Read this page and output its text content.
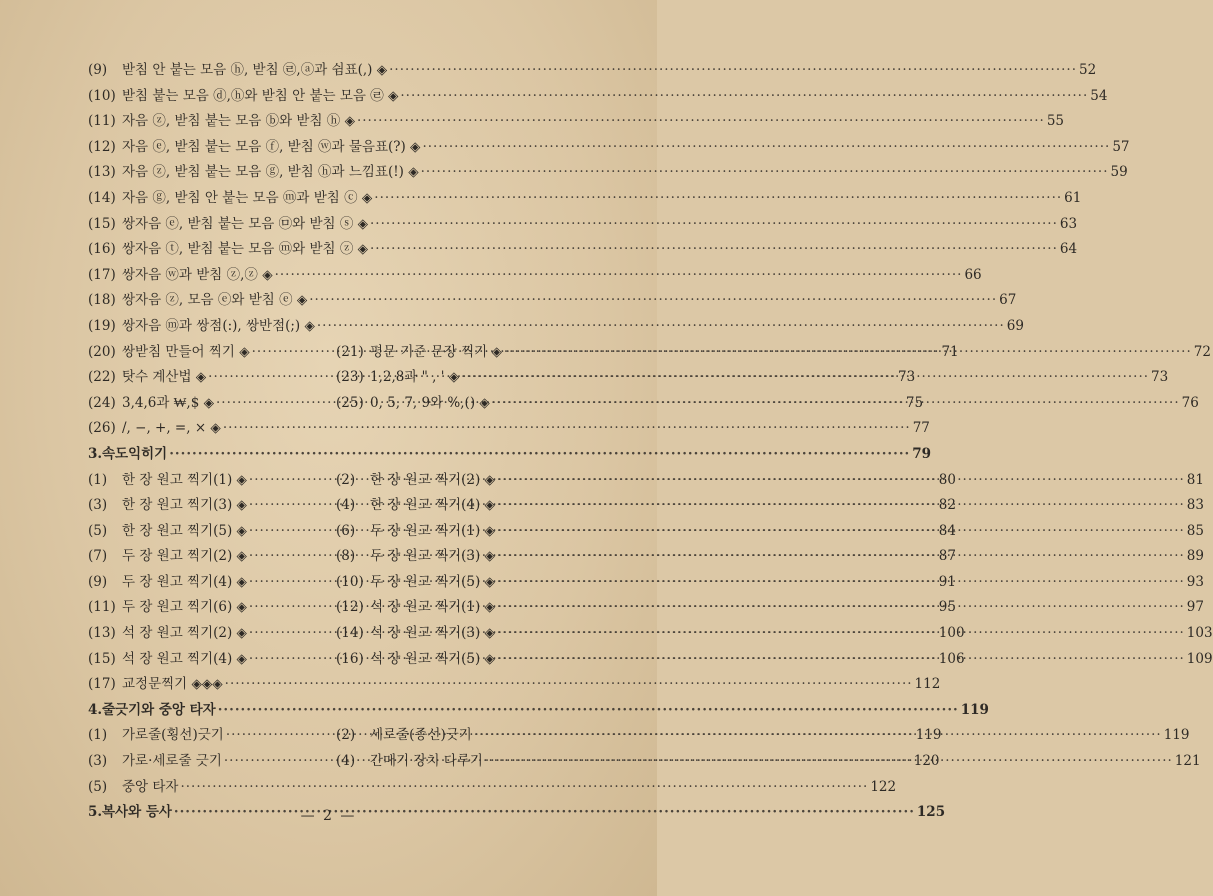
(9)	받침 안 붙는 모음 ⓗ, 받침 ㉣,ⓐ과 쉼표(,) ◈ ·····	52
(10) 받침 붙는 모음 ⓓ,ⓗ와 받침 안 붙는 모음 ㉣ ◈ ·····	54
(11) 자음 ⓩ, 받침 붙는 모음 ⓑ와 받침 ⓗ ◈ ·····	55
(12) 자음 ⓔ, 받침 붙는 모음 ⓕ, 받침 ⓦ과 물음표(?) ◈ ·····	57
(13) 자음 ⓩ, 받침 붙는 모음 ⓖ, 받침 ⓗ과 느낌표(!) ◈ ·····	59
(14) 자음 ⓖ, 받침 안 붙는 모음 ⓜ과 받침 ⓒ ◈ ·····	61
(15) 쌍자음 ⓔ, 받침 붙는 모음 ㉤와 받침 ⓢ ◈ ·····	63
(16) 쌍자음 ⓣ, 받침 붙는 모음 ⓜ와 받침 ⓩ ◈ ·····	64
(17) 쌍자음 ⓦ과 받침 ⓩ,ⓩ ◈ ·····	66
(18) 쌍자음 ⓩ, 모음 ⓔ와 받침 ⓔ ◈ ·····	67
(19) 쌍자음 ⓜ과 쌍점(:), 쌍반점(;) ◈ ·····	69
(20) 쌍받침 만들어 찍기 ◈ ·····	71
(21) 평문 기준 문장 찍기 ◈ ·····	72
(22) 탓수 계산법 ◈ ·····	73
(23) 1,2,8과 " , ' ◈ ·····	73
(24) 3,4,6과 ₩,$ ◈ ·····	75
(25) 0, 5, 7, 9와 %,() ◈ ·····	76
(26) /, −, +, =, × ◈ ·····	77
3. 속도익히기 ·····	79
(1)	한 장 원고 찍기(1) ◈ ·····	80
(2)	한 장 원고 찍기(2) ◈ ·····	81
(3)	한 장 원고 찍기(3) ◈ ·····	82
(4)	한 장 원고 찍기(4) ◈ ·····	83
(5)	한 장 원고 찍기(5) ◈ ·····	84
(6)	두 장 원고 찍기(1) ◈ ·····	85
(7)	두 장 원고 찍기(2) ◈ ·····	87
(8)	두 장 원고 찍기(3) ◈ ·····	89
(9)	두 장 원고 찍기(4) ◈ ·····	91
(10) 두 장 원고 찍기(5) ◈ ·····	93
(11) 두 장 원고 찍기(6) ◈ ·····	95
(12) 석 장 원고 찍기(1) ◈ ·····	97
(13) 석 장 원고 찍기(2) ◈ ·····	100
(14) 석 장 원고 찍기(3) ◈ ·····	103
(15) 석 장 원고 찍기(4) ◈ ·····	106
(16) 석 장 원고 찍기(5) ◈ ·····	109
(17) 교정문찍기 ◈◈◈ ·····	112
4. 줄긋기와 중앙 타자 ·····	119
(1)	가로줄(횡선)긋기 ·····	119
(2)	세로줄(종선)긋기 ·····	119
(3)	가로·세로줄 긋기 ·····	120
(4)	간매기 장치 다루기 ·····	121
(5)	중앙 타자 ·····	122
5. 복사와 등사 ·····	125
— 2 —
